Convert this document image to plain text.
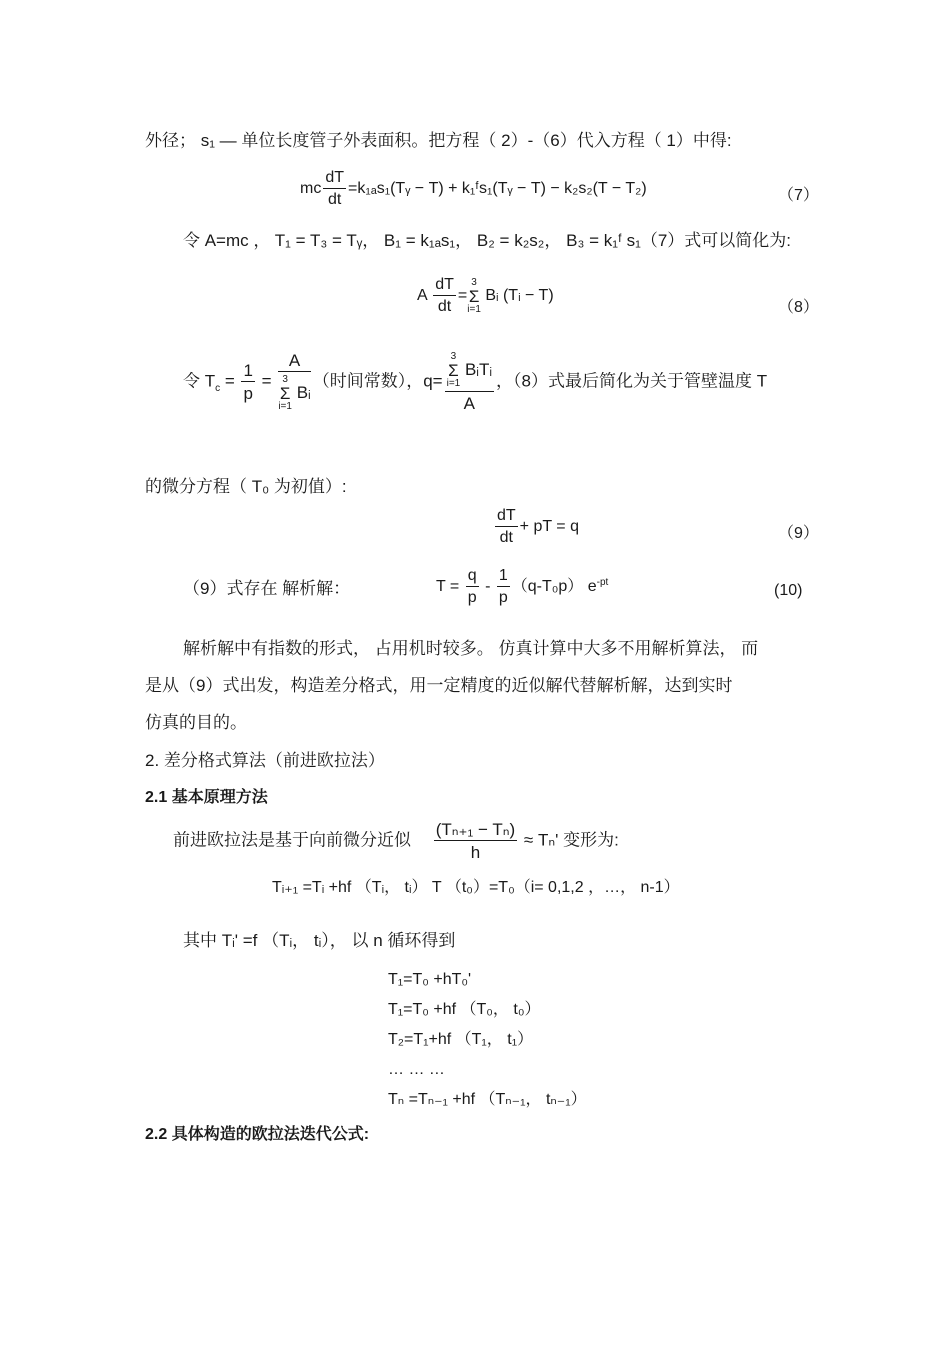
外径； s₁ — 单位长度管子外表面积。把方程（ 2）-（6）代入方程（ 1）中得:
mc $\frac{dT}{dt}$ =k₁ₐs₁(Tᵧ − T) + k₁ᶠs₁(Tᵧ − T) − k₂s₂(T − T₂)	（7）
令 A=mc ， T₁ = T₃ = Tᵧ， B₁ = k₁ₐs₁， B₂ = k₂s₂， B₃ = k₁ᶠ s₁（7）式可以简化为:
A $\frac{dT}{dt}$ =
3
Σ
i=1
Bᵢ (Tᵢ − T)
（8）
令 $T_c = \frac{1}{p} = A$
3
Σ
i=1
Bᵢ （时间常数），q= 3
Σ
i=1
BᵢTᵢ
A ，（8）式最后简化为关于管壁温度 T
的微分方程（ T₀ 为初值）:
$\frac{dT}{dt}$ + pT = q	（9）
（9）式存在 解析解：	$T = \frac{q}{p} - \frac{1}{p} (q-T_0p)$ $e^{-pt}$	(10)
解析解中有指数的形式， 占用机时较多。 仿真计算中大多不用解析算法， 而
是从（9）式出发，构造差分格式，用一定精度的近似解代替解析解，达到实时
仿真的目的。
2. 差分格式算法（前进欧拉法）
2.1 基本原理方法
前进欧拉法是基于向前微分近似 $\frac{\text{(Tₙ₊₁ − Tₙ)}}{h} \approx T_n'$ 变形为:
Tᵢ₊₁ =Tᵢ +hf （Tᵢ， tᵢ） T （t₀）=T₀（i= 0,1,2 ，…， n-1）
其中 Tᵢ' =f （Tᵢ， tᵢ）， 以 n 循环得到
T₁=T₀ +hT₀'
T₁=T₀ +hf （T₀， t₀）
T₂=T₁+hf （T₁， t₁）
… … …
Tₙ =Tₙ₋₁ +hf （Tₙ₋₁， tₙ₋₁）
2.2 具体构造的欧拉法迭代公式:
